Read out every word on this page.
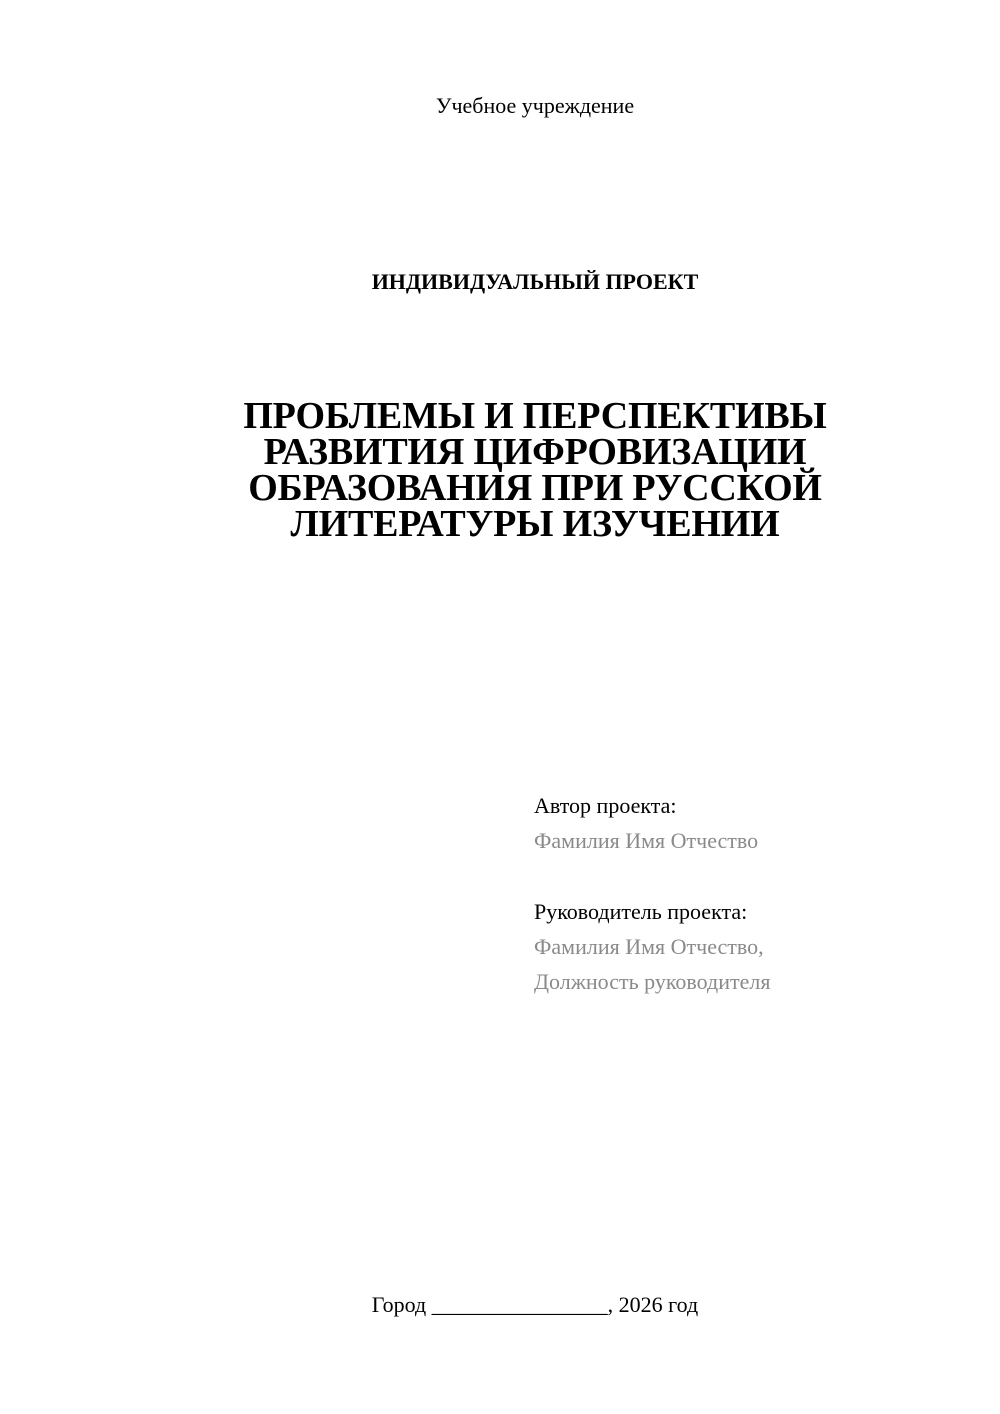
Учебное учреждение
ИНДИВИДУАЛЬНЫЙ ПРОЕКТ
ПРОБЛЕМЫ И ПЕРСПЕКТИВЫ
РАЗВИТИЯ ЦИФРОВИЗАЦИИ
ОБРАЗОВАНИЯ ПРИ РУССКОЙ
ЛИТЕРАТУРЫ ИЗУЧЕНИИ
Автор проекта:
Фамилия Имя Отчество
Руководитель проекта:
Фамилия Имя Отчество,
Должность руководителя
Город ________________, 2026 год
